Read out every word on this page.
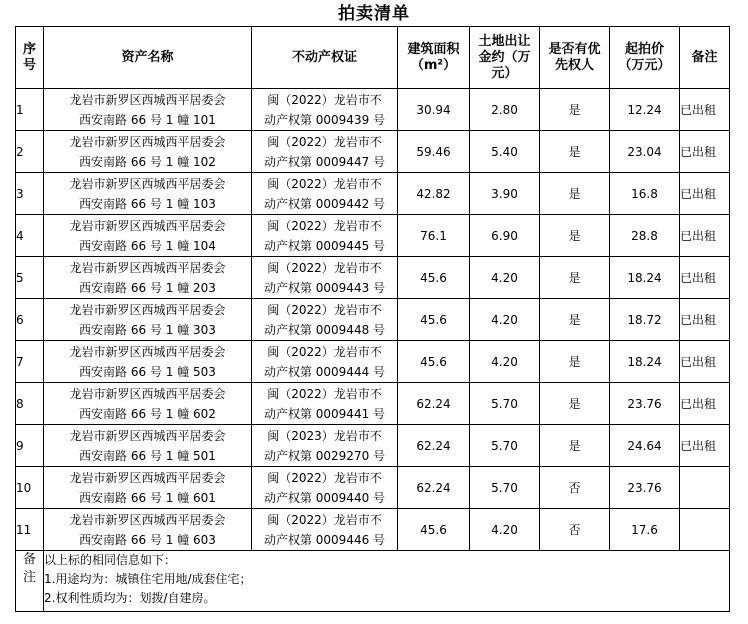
拍卖清单
序号	资产名称	不动产权证	建筑面积（m²）	土地出让金约（万元）	是否有优先权人	起拍价（万元）	备注
1	龙岩市新罗区西城西平居委会
西安南路 66 号 1 幢 101	闽（2022）龙岩市不
动产权第 0009439 号	30.94	2.80	是	12.24	已出租
2	龙岩市新罗区西城西平居委会
西安南路 66 号 1 幢 102	闽（2022）龙岩市不
动产权第 0009447 号	59.46	5.40	是	23.04	已出租
3	龙岩市新罗区西城西平居委会
西安南路 66 号 1 幢 103	闽（2022）龙岩市不
动产权第 0009442 号	42.82	3.90	是	16.8	已出租
4	龙岩市新罗区西城西平居委会
西安南路 66 号 1 幢 104	闽（2022）龙岩市不
动产权第 0009445 号	76.1	6.90	是	28.8	已出租
5	龙岩市新罗区西城西平居委会
西安南路 66 号 1 幢 203	闽（2022）龙岩市不
动产权第 0009443 号	45.6	4.20	是	18.24	已出租
6	龙岩市新罗区西城西平居委会
西安南路 66 号 1 幢 303	闽（2022）龙岩市不
动产权第 0009448 号	45.6	4.20	是	18.72	已出租
7	龙岩市新罗区西城西平居委会
西安南路 66 号 1 幢 503	闽（2022）龙岩市不
动产权第 0009444 号	45.6	4.20	是	18.24	已出租
8	龙岩市新罗区西城西平居委会
西安南路 66 号 1 幢 602	闽（2022）龙岩市不
动产权第 0009441 号	62.24	5.70	是	23.76	已出租
9	龙岩市新罗区西城西平居委会
西安南路 66 号 1 幢 501	闽（2023）龙岩市不
动产权第 0029270 号	62.24	5.70	是	24.64	已出租
10	龙岩市新罗区西城西平居委会
西安南路 66 号 1 幢 601	闽（2022）龙岩市不
动产权第 0009440 号	62.24	5.70	否	23.76	
11	龙岩市新罗区西城西平居委会
西安南路 66 号 1 幢 603	闽（2022）龙岩市不
动产权第 0009446 号	45.6	4.20	否	17.6	
备注	以上标的相同信息如下：
1.用途均为：城镇住宅用地/成套住宅；
2.权利性质均为：划拨/自建房。						
